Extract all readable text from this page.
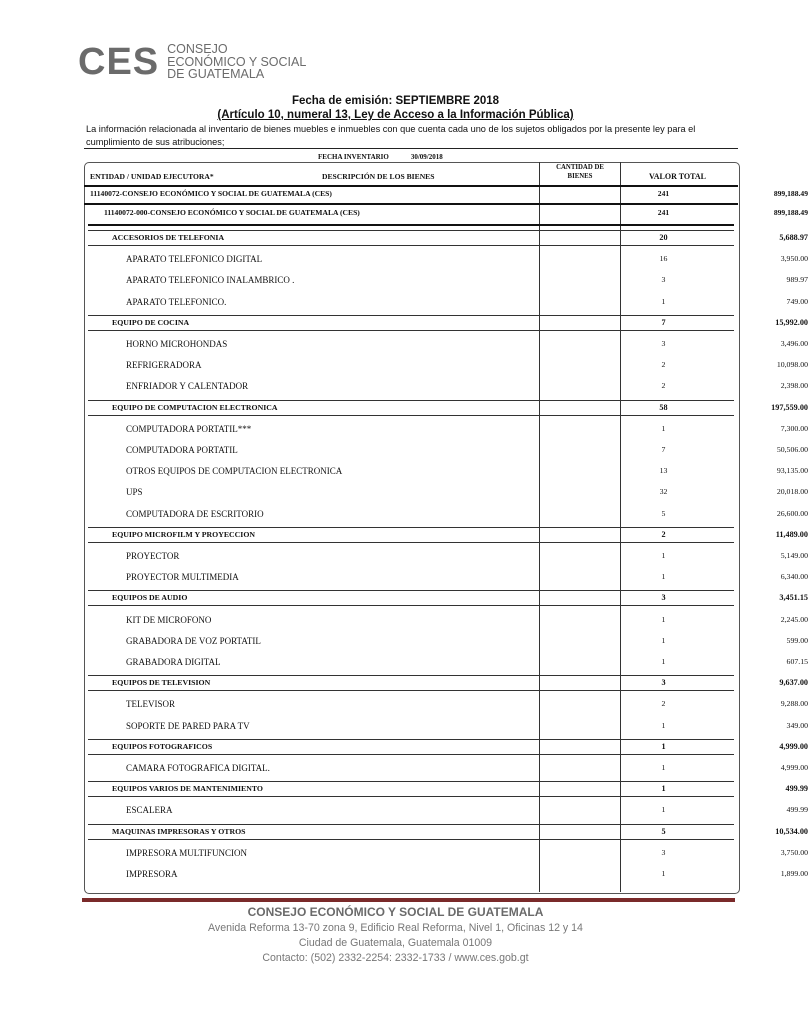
CES CONSEJO
ECONÓMICO Y SOCIAL
DE GUATEMALA
Fecha de emisión: SEPTIEMBRE 2018
(Artículo 10, numeral 13, Ley de Acceso a la Información Pública)
La información relacionada al inventario de bienes muebles e inmuebles con que cuenta cada uno de los sujetos obligados por la presente ley para el cumplimiento de sus atribuciones;
FECHA INVENTARIO	30/09/2018
ENTIDAD / UNIDAD EJECUTORA*	DESCRIPCIÓN DE LOS BIENES
CANTIDAD DE BIENES	VALOR TOTAL
11140072-CONSEJO ECONÓMICO Y SOCIAL DE GUATEMALA (CES)	241	899,188.49
11140072-000-CONSEJO ECONÓMICO Y SOCIAL DE GUATEMALA (CES)	241	899,188.49
ACCESORIOS DE TELEFONIA	20	5,688.97
APARATO TELEFONICO DIGITAL	16	3,950.00
APARATO TELEFONICO INALAMBRICO .	3	989.97
APARATO TELEFONICO.	1	749.00
EQUIPO DE COCINA	7	15,992.00
HORNO MICROHONDAS	3	3,496.00
REFRIGERADORA	2	10,098.00
ENFRIADOR Y CALENTADOR	2	2,398.00
EQUIPO DE COMPUTACION ELECTRONICA	58	197,559.00
COMPUTADORA PORTATIL***	1	7,300.00
COMPUTADORA PORTATIL	7	50,506.00
OTROS EQUIPOS DE COMPUTACION ELECTRONICA	13	93,135.00
UPS	32	20,018.00
COMPUTADORA DE ESCRITORIO	5	26,600.00
EQUIPO MICROFILM Y PROYECCION	2	11,489.00
PROYECTOR	1	5,149.00
PROYECTOR MULTIMEDIA	1	6,340.00
EQUIPOS DE AUDIO	3	3,451.15
KIT DE MICROFONO	1	2,245.00
GRABADORA DE VOZ PORTATIL	1	599.00
GRABADORA DIGITAL	1	607.15
EQUIPOS DE TELEVISION	3	9,637.00
TELEVISOR	2	9,288.00
SOPORTE DE PARED PARA TV	1	349.00
EQUIPOS FOTOGRAFICOS	1	4,999.00
CAMARA FOTOGRAFICA DIGITAL.	1	4,999.00
EQUIPOS VARIOS DE MANTENIMIENTO	1	499.99
ESCALERA	1	499.99
MAQUINAS IMPRESORAS Y OTROS	5	10,534.00
IMPRESORA MULTIFUNCION	3	3,750.00
IMPRESORA	1	1,899.00
CONSEJO ECONÓMICO Y SOCIAL DE GUATEMALA
Avenida Reforma 13-70 zona 9, Edificio Real Reforma, Nivel 1, Oficinas 12 y 14
Ciudad de Guatemala, Guatemala 01009
Contacto: (502) 2332-2254: 2332-1733 / www.ces.gob.gt
